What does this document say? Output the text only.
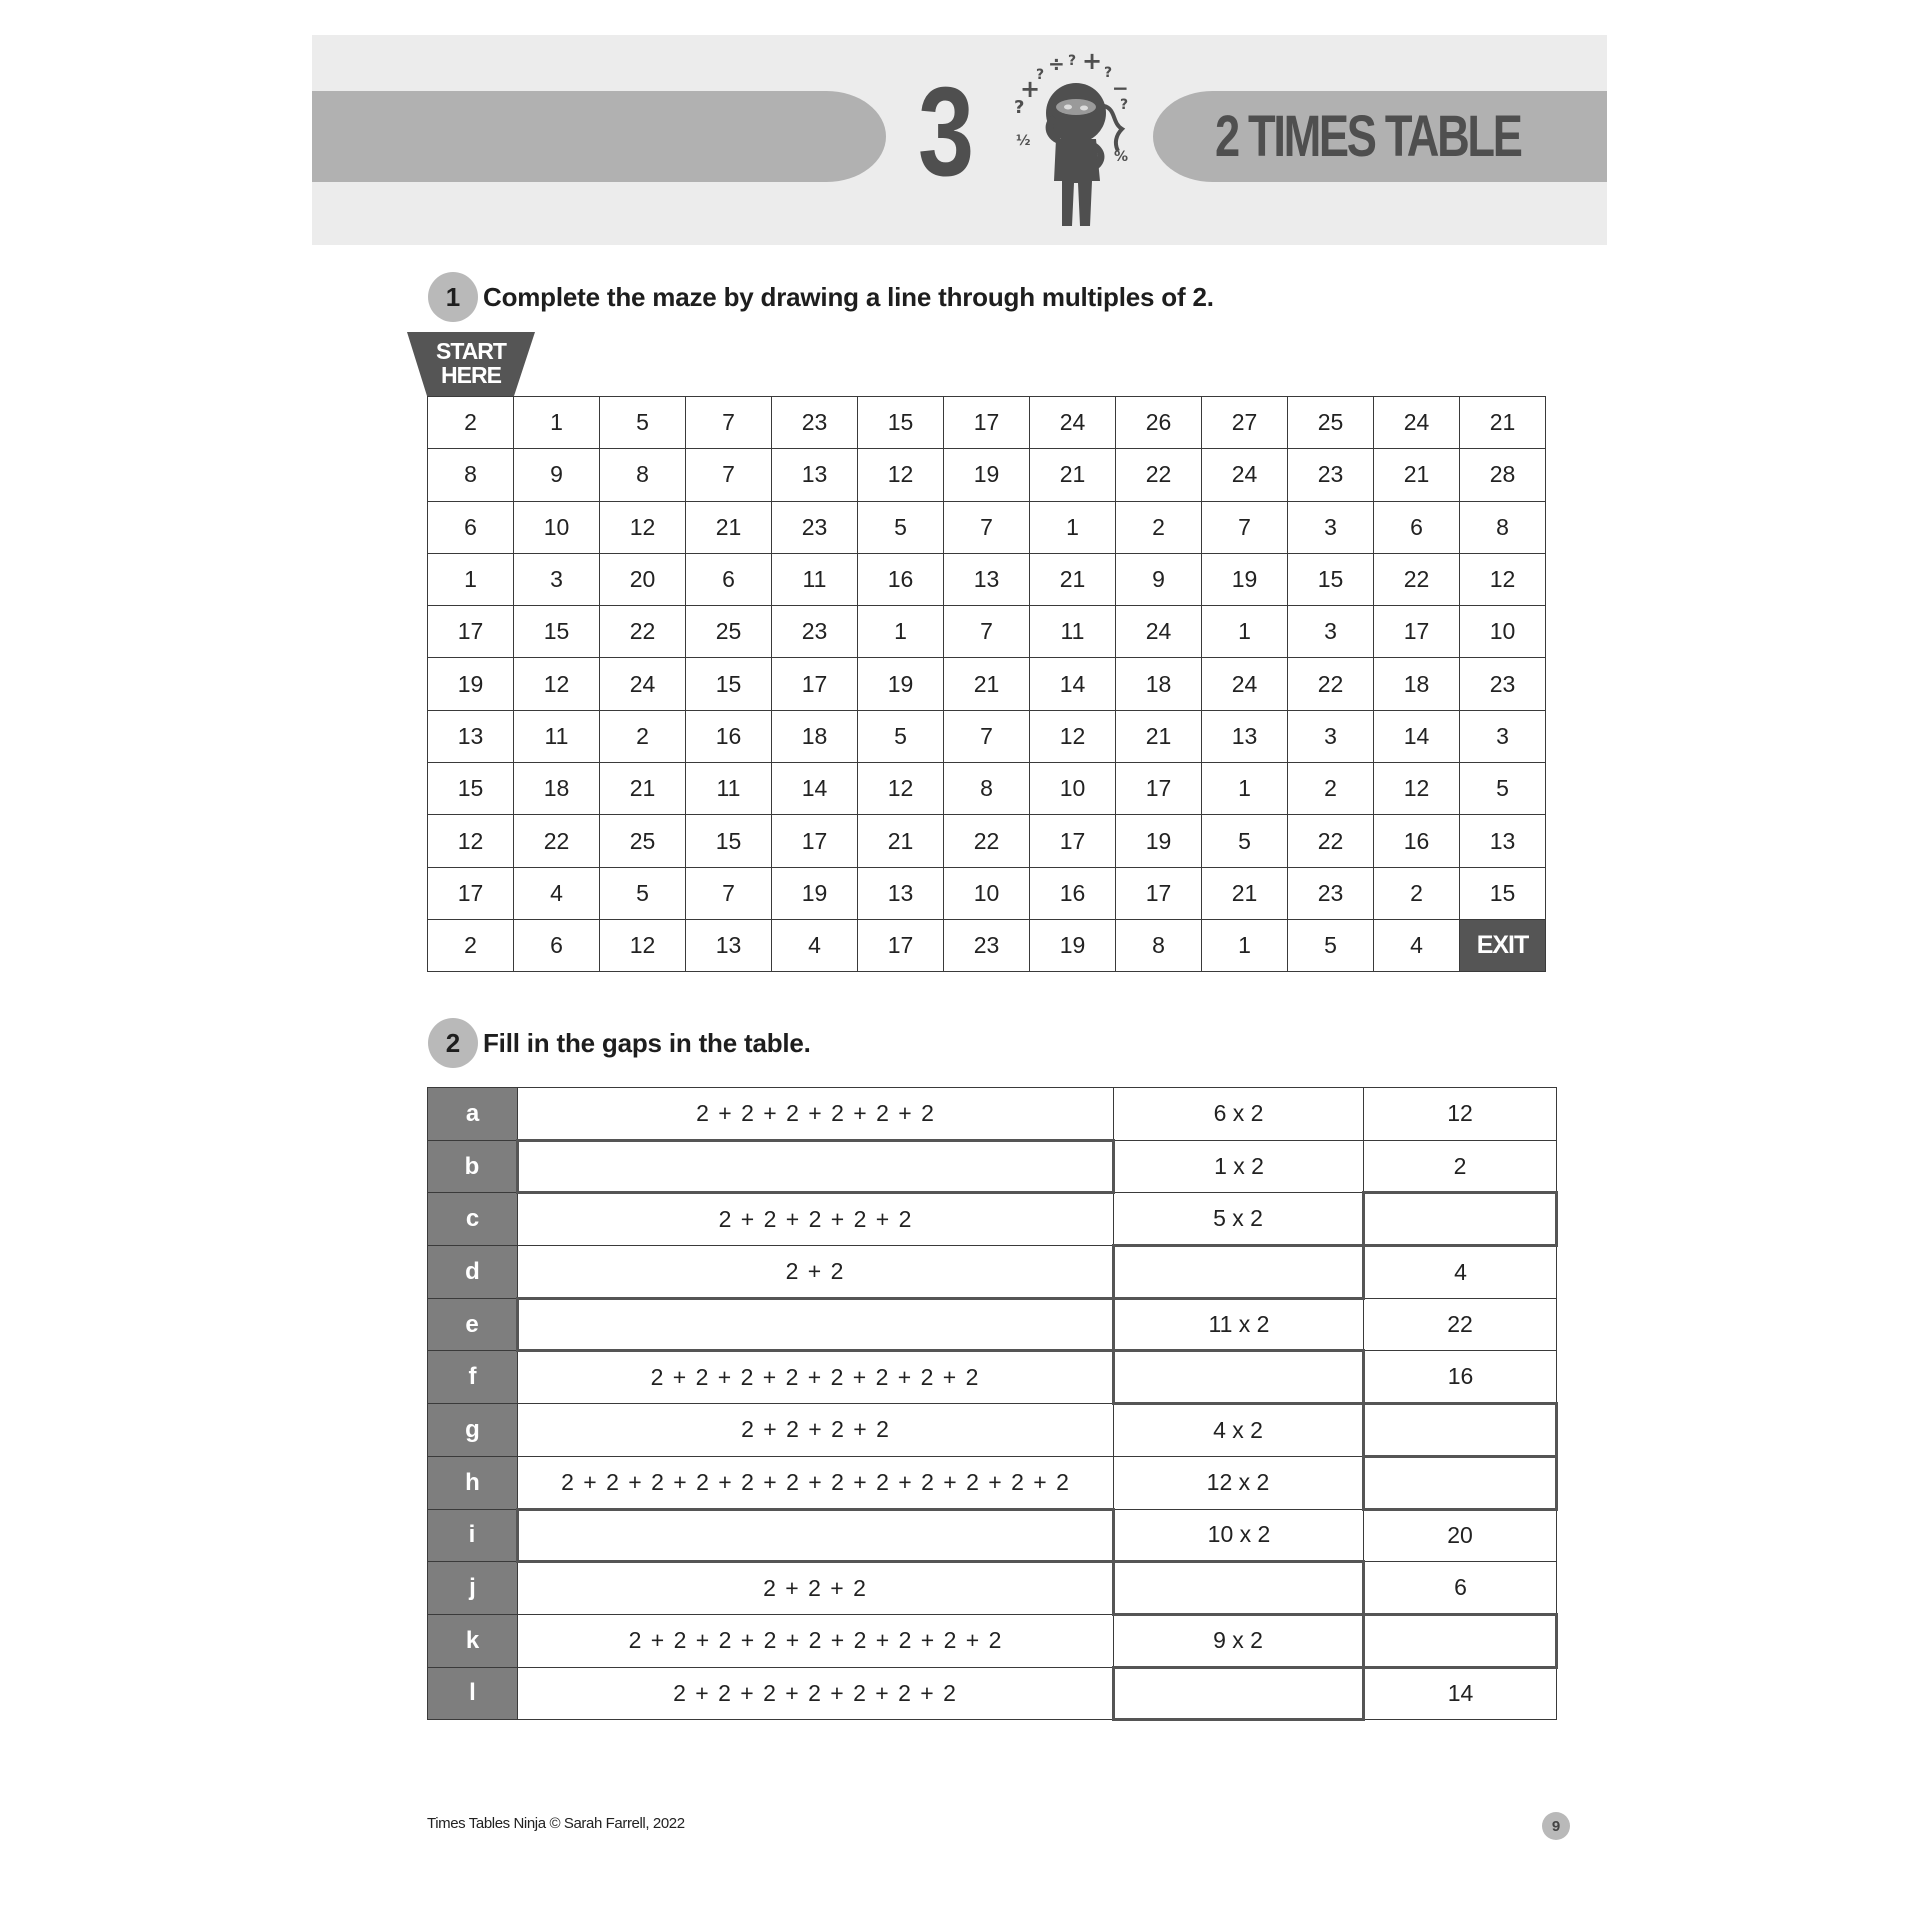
3 ?
+
? ÷ ? + ?
−
?
½
% 2 TIMES TABLE
1 Complete the maze by drawing a line through multiples of 2.
START
HERE
2	1	5	7	23	15	17	24	26	27	25	24	21
8	9	8	7	13	12	19	21	22	24	23	21	28
6	10	12	21	23	5	7	1	2	7	3	6	8
1	3	20	6	11	16	13	21	9	19	15	22	12
17	15	22	25	23	1	7	11	24	1	3	17	10
19	12	24	15	17	19	21	14	18	24	22	18	23
13	11	2	16	18	5	7	12	21	13	3	14	3
15	18	21	11	14	12	8	10	17	1	2	12	5
12	22	25	15	17	21	22	17	19	5	22	16	13
17	4	5	7	19	13	10	16	17	21	23	2	15
2	6	12	13	4	17	23	19	8	1	5	4	EXIT
2 Fill in the gaps in the table.
a	2 + 2 + 2 + 2 + 2 + 2	6 x 2	12
b		1 x 2	2
c	2 + 2 + 2 + 2 + 2	5 x 2	
d	2 + 2		4
e		11 x 2	22
f	2 + 2 + 2 + 2 + 2 + 2 + 2 + 2		16
g	2 + 2 + 2 + 2	4 x 2	
h	2 + 2 + 2 + 2 + 2 + 2 + 2 + 2 + 2 + 2 + 2 + 2	12 x 2	
i		10 x 2	20
j	2 + 2 + 2		6
k	2 + 2 + 2 + 2 + 2 + 2 + 2 + 2 + 2	9 x 2	
l	2 + 2 + 2 + 2 + 2 + 2 + 2		14
Times Tables Ninja © Sarah Farrell, 2022	9
